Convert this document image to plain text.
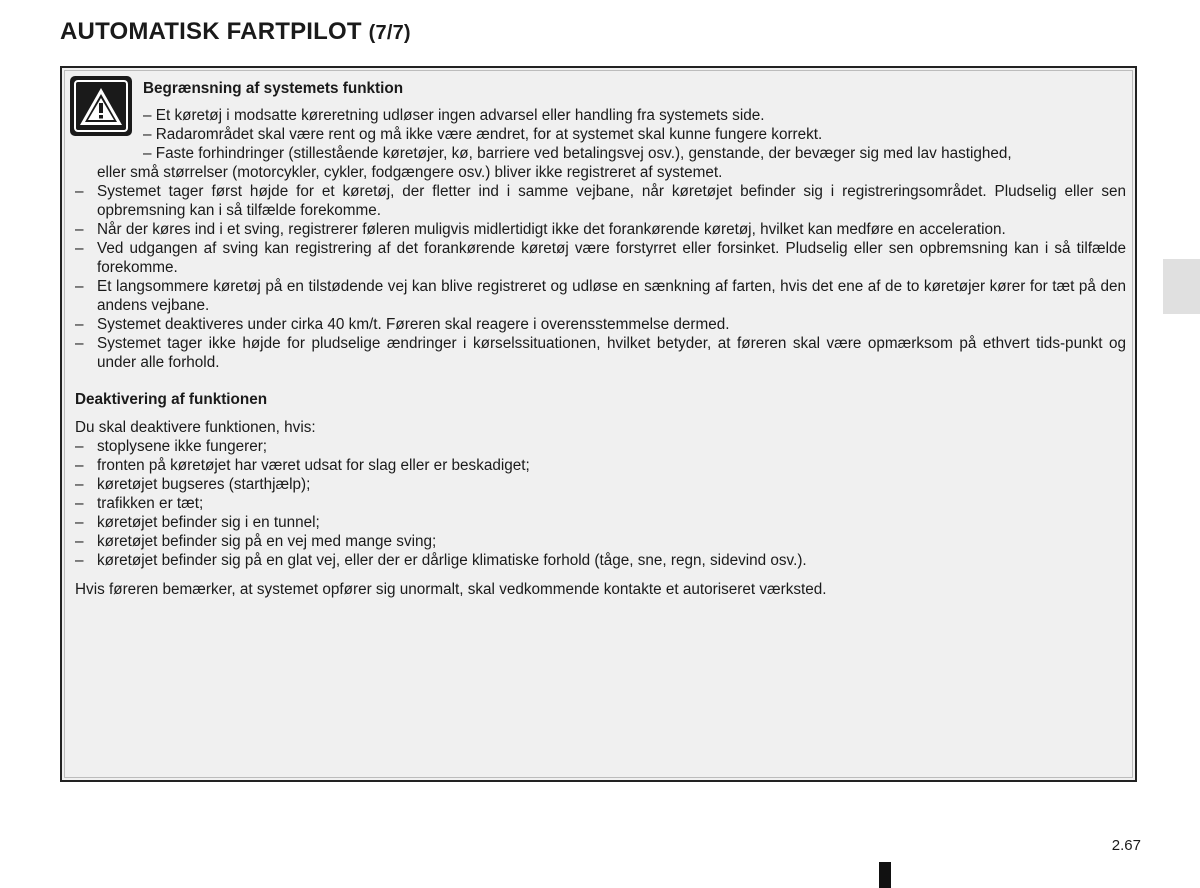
AUTOMATISK FARTPILOT (7/7)
Begrænsning af systemets funktion
– Et køretøj i modsatte køreretning udløser ingen advarsel eller handling fra systemets side.
– Radarområdet skal være rent og må ikke være ændret, for at systemet skal kunne fungere korrekt.
– Faste forhindringer (stillestående køretøjer, kø, barriere ved betalingsvej osv.), genstande, der bevæger sig med lav hastighed,
eller små størrelser (motorcykler, cykler, fodgængere osv.) bliver ikke registreret af systemet.
– Systemet tager først højde for et køretøj, der fletter ind i samme vejbane, når køretøjet befinder sig i registreringsområdet. Pludselig eller sen opbremsning kan i så tilfælde forekomme.
– Når der køres ind i et sving, registrerer føleren muligvis midlertidigt ikke det forankørende køretøj, hvilket kan medføre en acceleration.
– Ved udgangen af sving kan registrering af det forankørende køretøj være forstyrret eller forsinket. Pludselig eller sen opbremsning kan i så tilfælde forekomme.
– Et langsommere køretøj på en tilstødende vej kan blive registreret og udløse en sænkning af farten, hvis det ene af de to køretøjer kører for tæt på den andens vejbane.
– Systemet deaktiveres under cirka 40 km/t. Føreren skal reagere i overensstemmelse dermed.
– Systemet tager ikke højde for pludselige ændringer i kørselssituationen, hvilket betyder, at føreren skal være opmærksom på ethvert tids-punkt og under alle forhold.
Deaktivering af funktionen
Du skal deaktivere funktionen, hvis:
– stoplysene ikke fungerer;
– fronten på køretøjet har været udsat for slag eller er beskadiget;
– køretøjet bugseres (starthjælp);
– trafikken er tæt;
– køretøjet befinder sig i en tunnel;
– køretøjet befinder sig på en vej med mange sving;
– køretøjet befinder sig på en glat vej, eller der er dårlige klimatiske forhold (tåge, sne, regn, sidevind osv.).
Hvis føreren bemærker, at systemet opfører sig unormalt, skal vedkommende kontakte et autoriseret værksted.
2.67
